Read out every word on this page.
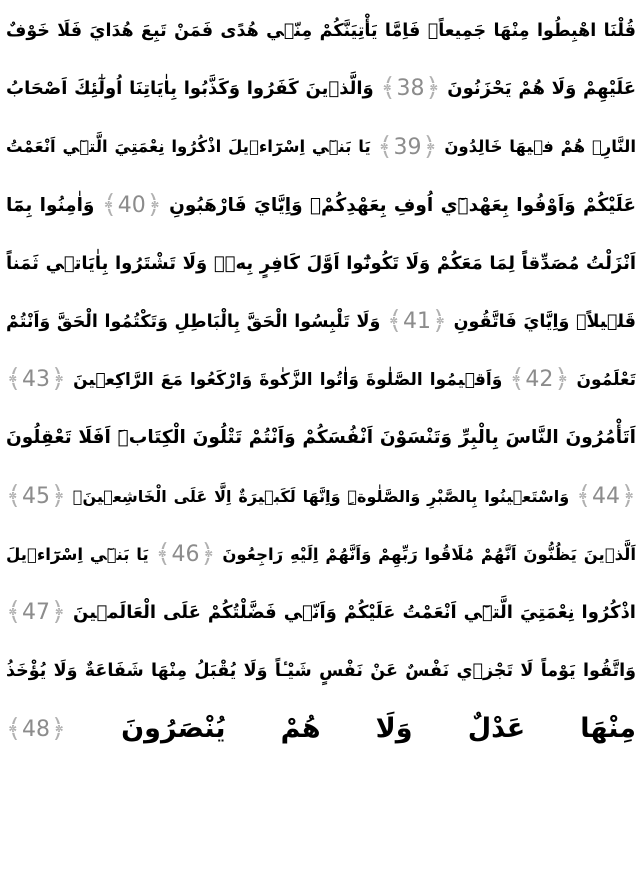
قُلْنَا اهْبِطُوا مِنْهَا جَمِيعاًۚ فَاِمَّا يَأْتِيَنَّكُمْ مِنّٖي هُدًى فَمَنْ تَبِعَ هُدَايَ فَلَا خَوْفٌ
عَلَيْهِمْ وَلَا هُمْ يَحْزَنُونَ ﴾ 38 ﴿ وَالَّذٖينَ كَفَرُوا وَكَذَّبُوا بِاٰيَاتِنَا اُولٰٓئِكَ اَصْحَابُ
النَّارِۚ هُمْ فٖيهَا خَالِدُونَ ﴾ 39 ﴿ يَا بَنٖٓي اِسْرَٓاءٖيلَ اذْكُرُوا نِعْمَتِيَ الَّتٖٓي اَنْعَمْتُ
عَلَيْكُمْ وَاَوْفُوا بِعَهْدٖٓي اُوفِ بِعَهْدِكُمْۚ وَاِيَّايَ فَارْهَبُونِ ﴾ 40 ﴿ وَاٰمِنُوا بِمَٓا
اَنْزَلْتُ مُصَدِّقاً لِمَا مَعَكُمْ وَلَا تَكُونُٓوا اَوَّلَ كَافِرٍ بِهٖۖ وَلَا تَشْتَرُوا بِاٰيَاتٖي ثَمَناً
قَلٖيلاًۘ وَاِيَّايَ فَاتَّقُونِ ﴾ 41 ﴿ وَلَا تَلْبِسُوا الْحَقَّ بِالْبَاطِلِ وَتَكْتُمُوا الْحَقَّ وَاَنْتُمْ
تَعْلَمُونَ ﴾ 42 ﴿ وَاَقٖيمُوا الصَّلٰوةَ وَاٰتُوا الزَّكٰوةَ وَارْكَعُوا مَعَ الرَّاكِعٖينَ ﴾ 43 ﴿
اَتَأْمُرُونَ النَّاسَ بِالْبِرِّ وَتَنْسَوْنَ اَنْفُسَكُمْ وَاَنْتُمْ تَتْلُونَ الْكِتَابَۜ اَفَلَا تَعْقِلُونَ
﴾ 44 ﴿ وَاسْتَعٖينُوا بِالصَّبْرِ وَالصَّلٰوةِۜ وَاِنَّهَا لَكَبٖيرَةٌ اِلَّا عَلَى الْخَاشِعٖينَۙ ﴾ 45 ﴿
اَلَّذٖينَ يَظُنُّونَ اَنَّهُمْ مُلَاقُوا رَبِّهِمْ وَاَنَّهُمْ اِلَيْهِ رَاجِعُونَ ﴾ 46 ﴿ يَا بَنٖٓي اِسْرَٓاءٖيلَ
اذْكُرُوا نِعْمَتِيَ الَّتٖٓي اَنْعَمْتُ عَلَيْكُمْ وَاَنّٖي فَضَّلْتُكُمْ عَلَى الْعَالَمٖينَ ﴾ 47 ﴿
وَاتَّقُوا يَوْماً لَا تَجْزٖي نَفْسٌ عَنْ نَفْسٍ شَيْـٔاً وَلَا يُقْبَلُ مِنْهَا شَفَاعَةٌ وَلَا يُؤْخَذُ
مِنْهَا عَدْلٌ وَلَا هُمْ يُنْصَرُونَ ﴾ 48 ﴿
